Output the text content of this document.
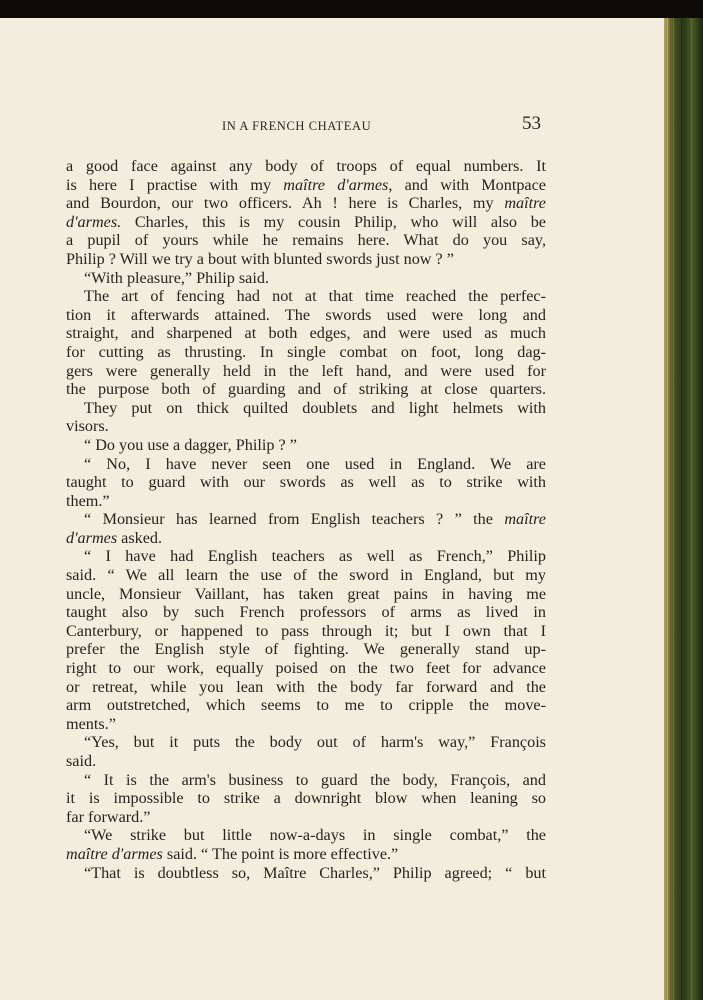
IN A FRENCH CHATEAU	53
a good face against any body of troops of equal numbers. It
is here I practise with my maître d'armes, and with Montpace
and Bourdon, our two officers. Ah ! here is Charles, my maître
d'armes. Charles, this is my cousin Philip, who will also be
a pupil of yours while he remains here. What do you say,
Philip ? Will we try a bout with blunted swords just now ? ”
“With pleasure,” Philip said.
The art of fencing had not at that time reached the perfec-
tion it afterwards attained. The swords used were long and
straight, and sharpened at both edges, and were used as much
for cutting as thrusting. In single combat on foot, long dag-
gers were generally held in the left hand, and were used for
the purpose both of guarding and of striking at close quarters.
They put on thick quilted doublets and light helmets with
visors.
“ Do you use a dagger, Philip ? ”
“ No, I have never seen one used in England. We are
taught to guard with our swords as well as to strike with
them.”
“ Monsieur has learned from English teachers ? ” the maître
d'armes asked.
“ I have had English teachers as well as French,” Philip
said. “ We all learn the use of the sword in England, but my
uncle, Monsieur Vaillant, has taken great pains in having me
taught also by such French professors of arms as lived in
Canterbury, or happened to pass through it; but I own that I
prefer the English style of fighting. We generally stand up-
right to our work, equally poised on the two feet for advance
or retreat, while you lean with the body far forward and the
arm outstretched, which seems to me to cripple the move-
ments.”
“Yes, but it puts the body out of harm's way,” François
said.
“ It is the arm's business to guard the body, François, and
it is impossible to strike a downright blow when leaning so
far forward.”
“We strike but little now-a-days in single combat,” the
maître d'armes said. “ The point is more effective.”
“That is doubtless so, Maître Charles,” Philip agreed; “ but
